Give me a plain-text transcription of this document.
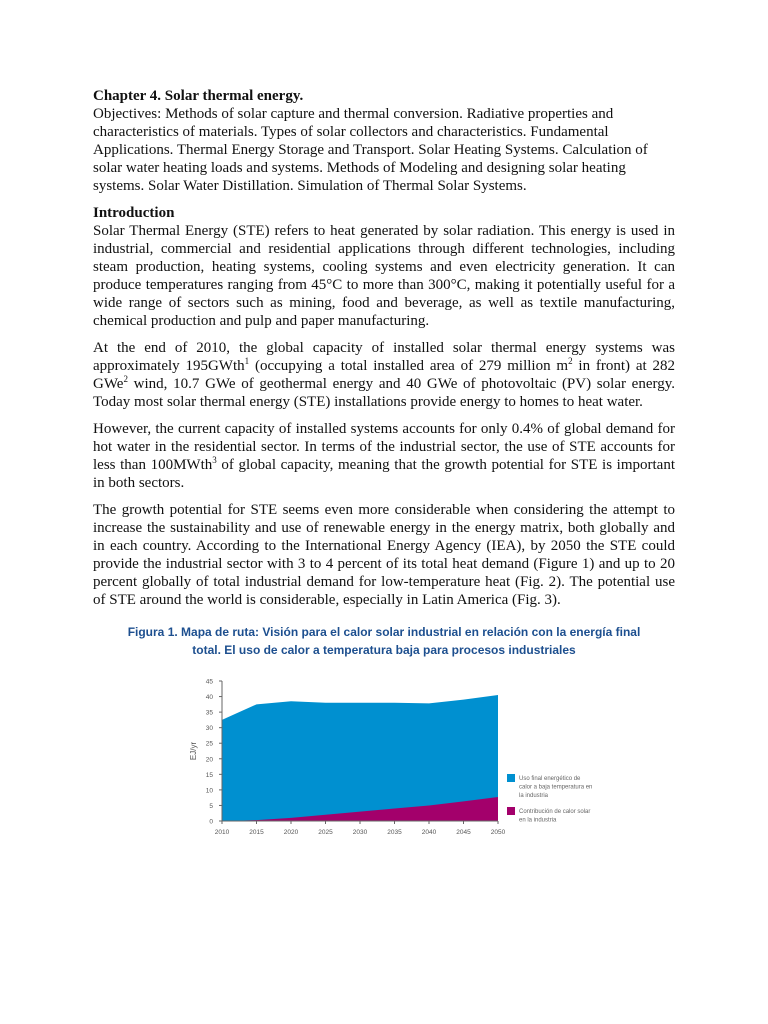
Chapter 4. Solar thermal energy.

Objectives: Methods of solar capture and thermal conversion. Radiative properties and characteristics of materials. Types of solar collectors and characteristics. Fundamental Applications. Thermal Energy Storage and Transport. Solar Heating Systems. Calculation of solar water heating loads and systems. Methods of Modeling and designing solar heating systems. Solar Water Distillation. Simulation of Thermal Solar Systems.

Introduction

Solar Thermal Energy (STE) refers to heat generated by solar radiation. This energy is used in industrial, commercial and residential applications through different technologies, including steam production, heating systems, cooling systems and even electricity generation. It can produce temperatures ranging from 45°C to more than 300°C, making it potentially useful for a wide range of sectors such as mining, food and beverage, as well as textile manufacturing, chemical production and pulp and paper manufacturing.

At the end of 2010, the global capacity of installed solar thermal energy systems was approximately 195GWth$^1$ (occupying a total installed area of 279 million $m^2$ in front) at 282 GWe$^2$ wind, 10.7 GWe of geothermal energy and 40 GWe of photovoltaic (PV) solar energy. Today most solar thermal energy (STE) installations provide energy to homes to heat water.

However, the current capacity of installed systems accounts for only 0.4% of global demand for hot water in the residential sector. In terms of the industrial sector, the use of STE accounts for less than 100MWth$^3$ of global capacity, meaning that the growth potential for STE is important in both sectors.

The growth potential for STE seems even more considerable when considering the attempt to increase the sustainability and use of renewable energy in the energy matrix, both globally and in each country. According to the International Energy Agency (IEA), by 2050 the STE could provide the industrial sector with 3 to 4 percent of its total heat demand (Figure 1) and up to 20 percent globally of total industrial demand for low-temperature heat (Fig. 2). The potential use of STE around the world is considerable, especially in Latin America (Fig. 3).

Figura 1. Mapa de ruta: Visión para el calor solar industrial en relación con la energía final
total. El uso de calor a temperatura baja para procesos industriales
0
5
10
15
20
25
30
35
40
45
2010	2015	2020	2025	2030	2035	2040	2045	2050
EJ/yr
Uso final energético de
calor a baja temperatura en
la industria
Contribución de calor solar
en la industria
